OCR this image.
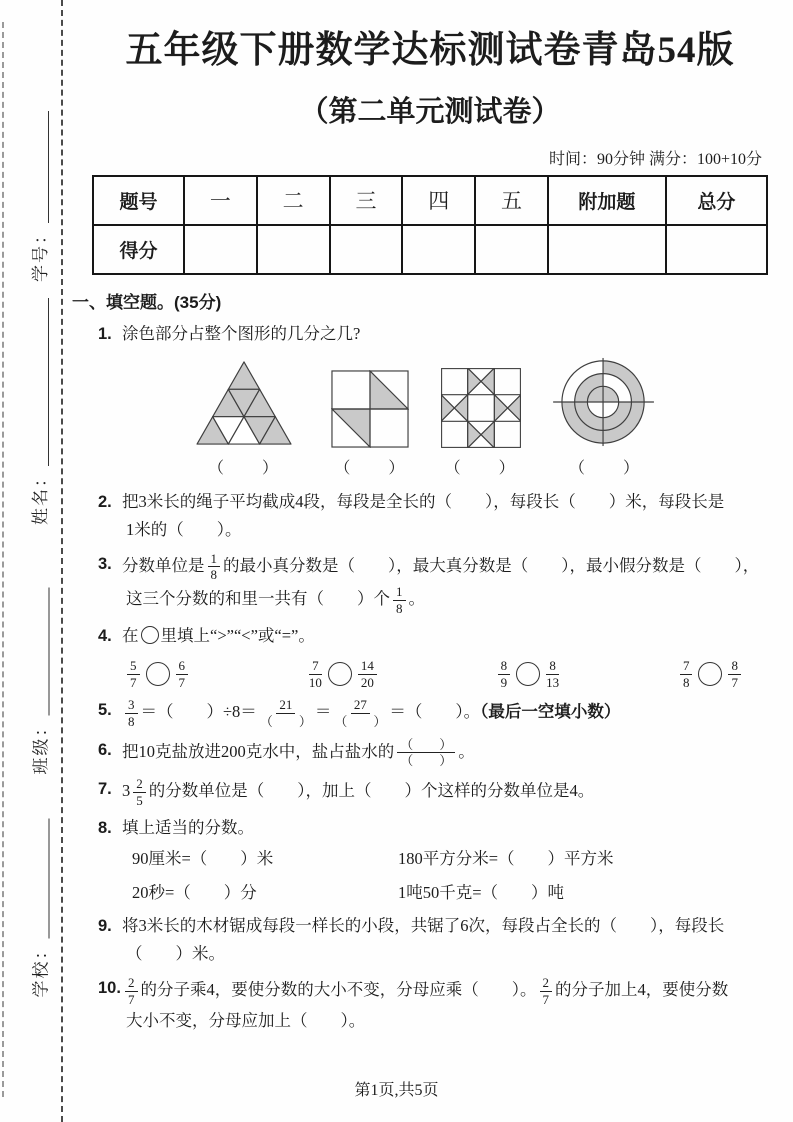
学号：
姓名：
班级：
学校：
五年级下册数学达标测试卷青岛54版
（第二单元测试卷）
时间：90分钟 满分：100+10分
题号	一	二	三	四	五	附加题	总分
得分							
一、填空题。(35分)
1. 涂色部分占整个图形的几分之几?
（　　）	（　　） （　　）	（　　）
2. 把3米长的绳子平均截成4段，每段是全长的（　　），每段长（　　）米，每段长是
1米的（　　）。
3. 分数单位是 $\frac{1}{8}$ 的最小真分数是（　　），最大真分数是（　　），最小假分数是（　　），
这三个分数的和里一共有（　　）个 $\frac{1}{8}$ 。
4. 在 里填上“>”“<”或“=”。
$\frac{5}{7}$	$\frac{6}{7}$	$\frac{7}{10}$	$\frac{14}{20}$	$\frac{8}{9}$	$\frac{8}{13}$	$\frac{7}{8}$	$\frac{8}{7}$
5. $\frac{3}{8}$ ＝（　　）$\div 8= \frac{21}{( )} = \frac{27}{( )}$ ＝（　　）。（最后一空填小数）
6. 把10克盐放进200克水中，盐占盐水的 $\frac{( )}{( )}$ 。
7. $3 \frac{2}{5}$ 的分数单位是（　　），加上（　　）个这样的分数单位是4。
8. 填上适当的分数。
90厘米=（　　）米	180平方分米=（　　）平方米
20秒=（　　）分	1吨50千克=（　　）吨
9. 将3米长的木材锯成每段一样长的小段，共锯了6次，每段占全长的（　　），每段长
（　　）米。
10. $\frac{2}{7}$ 的分子乘4，要使分数的大小不变，分母应乘（　　）。 $\frac{2}{7}$ 的分子加上4，要使分数
大小不变，分母应加上（　　）。
第1页,共5页
